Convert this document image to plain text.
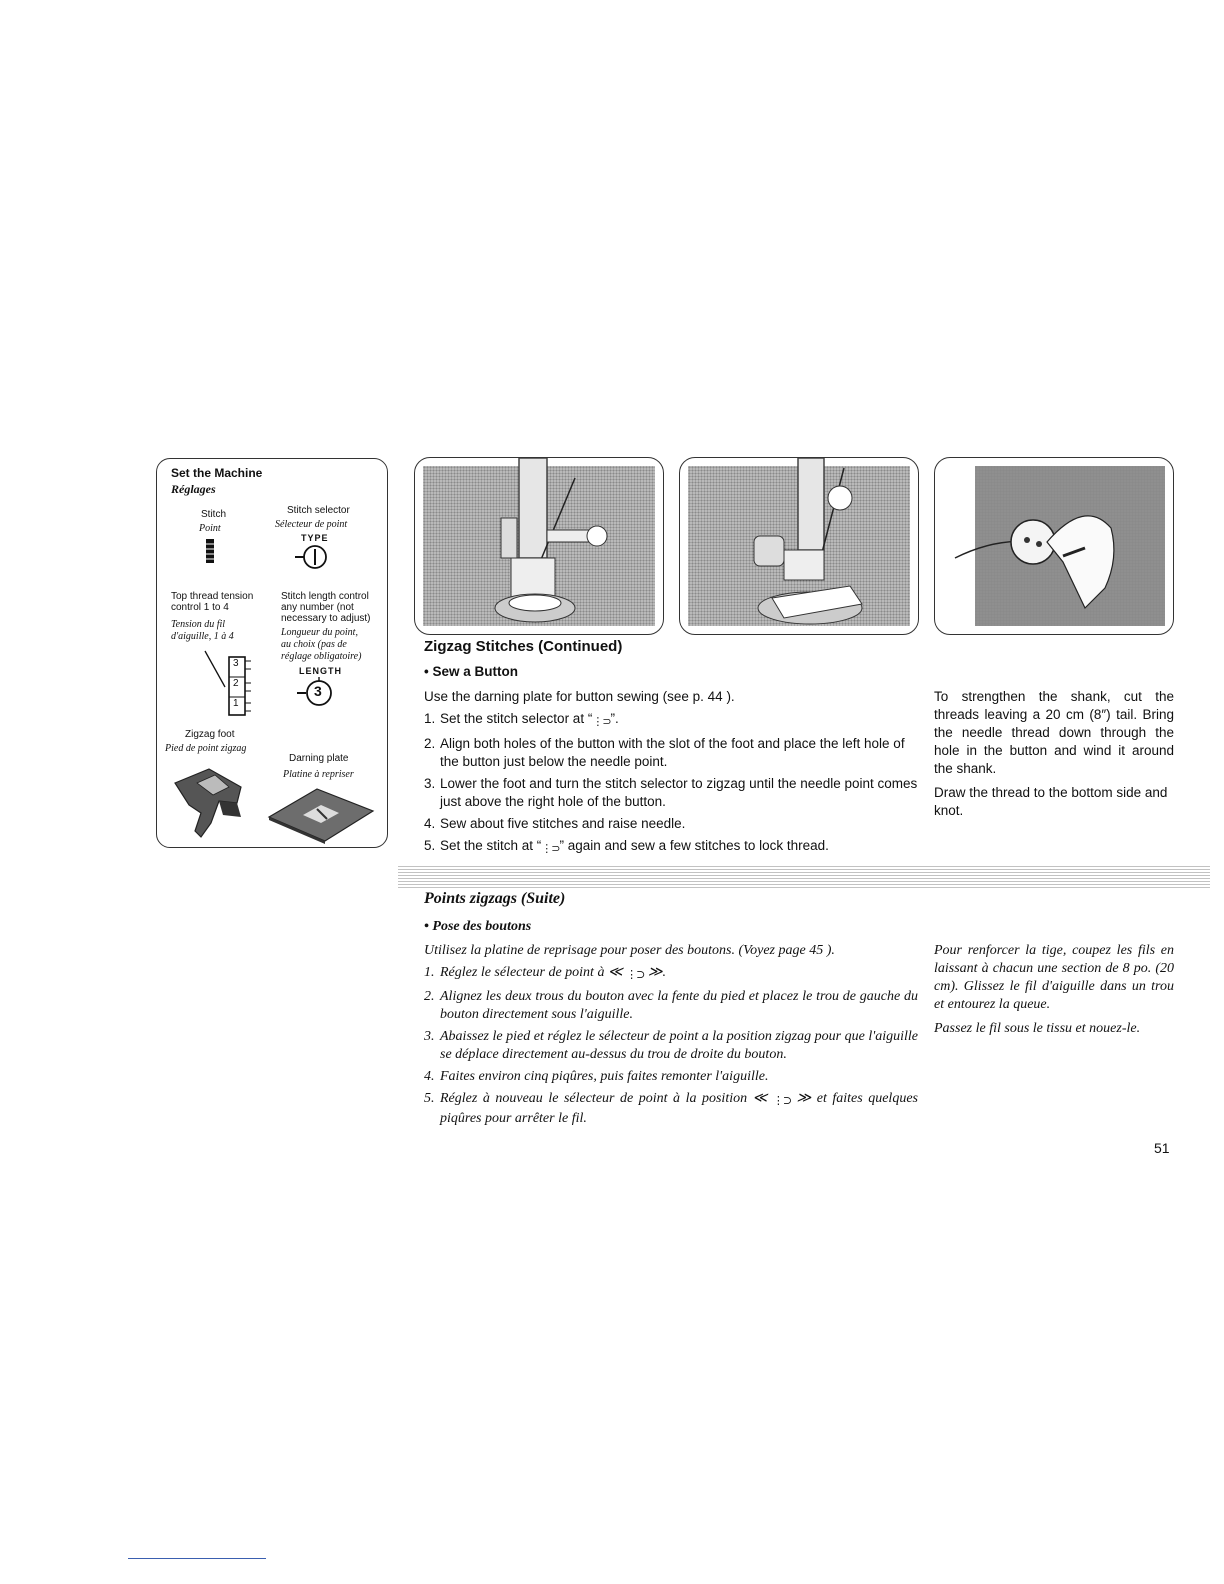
Set the Machine
Réglages
Stitch
Point
Stitch selector
Sélecteur de point
TYPE
Top thread tension
control 1 to 4
Tension du fil
d'aiguille, 1 à 4
3
2
1
Stitch length control
any number (not
necessary to adjust)
Longueur du point,
au choix (pas de
réglage obligatoire)
LENGTH
3
Zigzag foot
Pied de point zigzag
Darning plate
Platine à repriser
Zigzag Stitches (Continued)
• Sew a Button
Use the darning plate for button sewing (see p. 44 ).
1. Set the stitch selector at “⋮⊃”.
2. Align both holes of the button with the slot of the foot and place the left hole of the button just below the needle point.
3. Lower the foot and turn the stitch selector to zigzag until the needle point comes just above the right hole of the button.
4. Sew about five stitches and raise needle.
5. Set the stitch at “⋮⊃” again and sew a few stitches to lock thread.
To strengthen the shank, cut the threads leaving a 20 cm (8″) tail. Bring the needle thread down through the hole in the button and wind it around the shank.
Draw the thread to the bottom side and knot.
Points zigzags (Suite)
• Pose des boutons
Utilisez la platine de reprisage pour poser des boutons. (Voyez page 45 ).
1. Réglez le sélecteur de point à ≪ ⋮⊃ ≫.
2. Alignez les deux trous du bouton avec la fente du pied et placez le trou de gauche du bouton directement sous l'aiguille.
3. Abaissez le pied et réglez le sélecteur de point a la position zigzag pour que l'aiguille se déplace directement au-dessus du trou de droite du bouton.
4. Faites environ cinq piqûres, puis faites remonter l'aiguille.
5. Réglez à nouveau le sélecteur de point à la position ≪ ⋮⊃ ≫ et faites quelques piqûres pour arrêter le fil.
Pour renforcer la tige, coupez les fils en laissant à chacun une section de 8 po. (20 cm). Glissez le fil d'aiguille dans un trou et entourez la queue.
Passez le fil sous le tissu et nouez-le.
51
